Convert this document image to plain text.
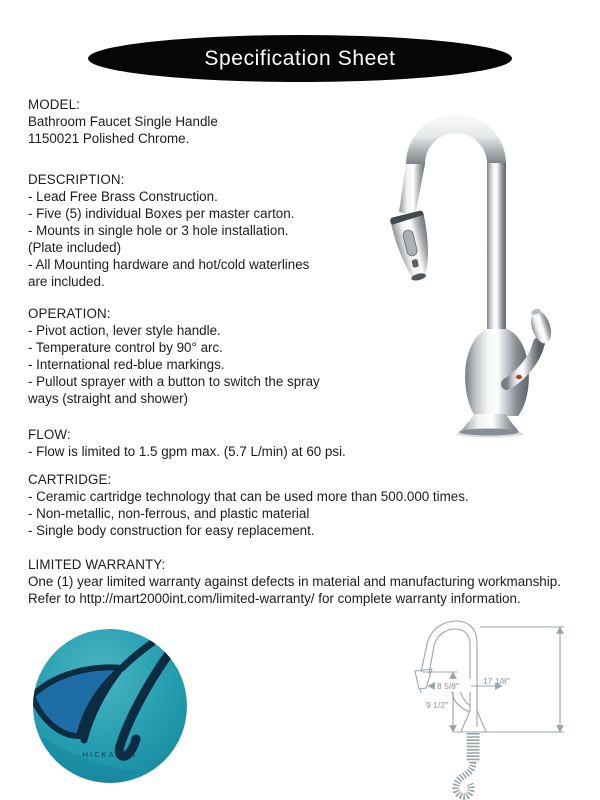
Specification Sheet
MODEL:
Bathroom Faucet Single Handle
1150021 Polished Chrome.
DESCRIPTION:
- Lead Free Brass Construction.
- Five (5) individual Boxes per master carton.
- Mounts in single hole or 3 hole installation.
(Plate included)
- All Mounting hardware and hot/cold waterlines
are included.
OPERATION:
- Pivot action, lever style handle.
- Temperature control by 90° arc.
- International red-blue markings.
- Pullout sprayer with a button to switch the spray
ways (straight and shower)
FLOW:
- Flow is limited to 1.5 gpm max. (5.7 L/min) at 60 psi.
CARTRIDGE:
- Ceramic cartridge technology that can be used more than 500.000 times.
- Non-metallic, non-ferrous, and plastic material
- Single body construction for easy replacement.
LIMITED WARRANTY:
One (1) year limited warranty against defects in material and manufacturing workmanship.
Refer to http://mart2000int.com/limited-warranty/ for complete warranty information.
HICKARUS
17 1/8"
8 5/8"
9 1/2"
